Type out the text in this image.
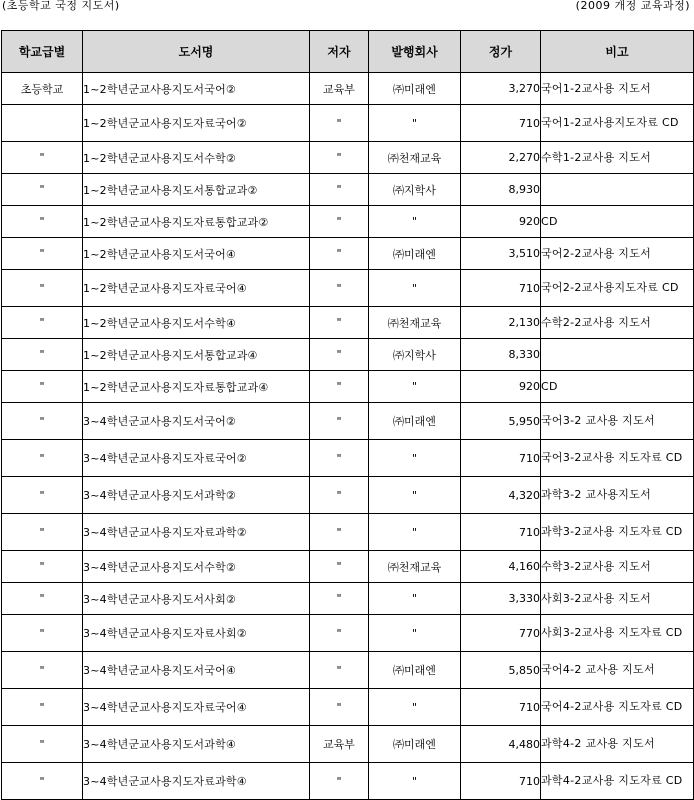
(초등학교 국정 지도서)	(2009 개정 교육과정)
학교급별	도서명	저자	발행회사	정가	비고
초등학교	1~2학년군교사용지도서국어②	교육부	㈜미래엔	3,270	국어1-2교사용 지도서
	1~2학년군교사용지도자료국어②	"	"	710	국어1-2교사용지도자료 CD
"	1~2학년군교사용지도서수학②	"	㈜천재교육	2,270	수학1-2교사용 지도서
"	1~2학년군교사용지도서통합교과②	"	㈜지학사	8,930	
"	1~2학년군교사용지도자료통합교과②	"	"	920	CD
"	1~2학년군교사용지도서국어④	"	㈜미래엔	3,510	국어2-2교사용 지도서
"	1~2학년군교사용지도자료국어④	"	"	710	국어2-2교사용지도자료 CD
"	1~2학년군교사용지도서수학④	"	㈜천재교육	2,130	수학2-2교사용 지도서
"	1~2학년군교사용지도서통합교과④	"	㈜지학사	8,330	
"	1~2학년군교사용지도자료통합교과④	"	"	920	CD
"	3~4학년군교사용지도서국어②	"	㈜미래엔	5,950	국어3-2 교사용 지도서
"	3~4학년군교사용지도자료국어②	"	"	710	국어3-2교사용 지도자료 CD
"	3~4학년군교사용지도서과학②	"	"	4,320	과학3-2 교사용지도서
"	3~4학년군교사용지도자료과학②	"	"	710	과학3-2교사용 지도자료 CD
"	3~4학년군교사용지도서수학②	"	㈜천재교육	4,160	수학3-2교사용 지도서
"	3~4학년군교사용지도서사회②	"	"	3,330	사회3-2교사용 지도서
"	3~4학년군교사용지도자료사회②	"	"	770	사회3-2교사용 지도자료 CD
"	3~4학년군교사용지도서국어④	"	㈜미래엔	5,850	국어4-2 교사용 지도서
"	3~4학년군교사용지도자료국어④	"	"	710	국어4-2교사용 지도자료 CD
"	3~4학년군교사용지도서과학④	교육부	㈜미래엔	4,480	과학4-2 교사용 지도서
"	3~4학년군교사용지도자료과학④	"	"	710	과학4-2교사용 지도자료 CD
